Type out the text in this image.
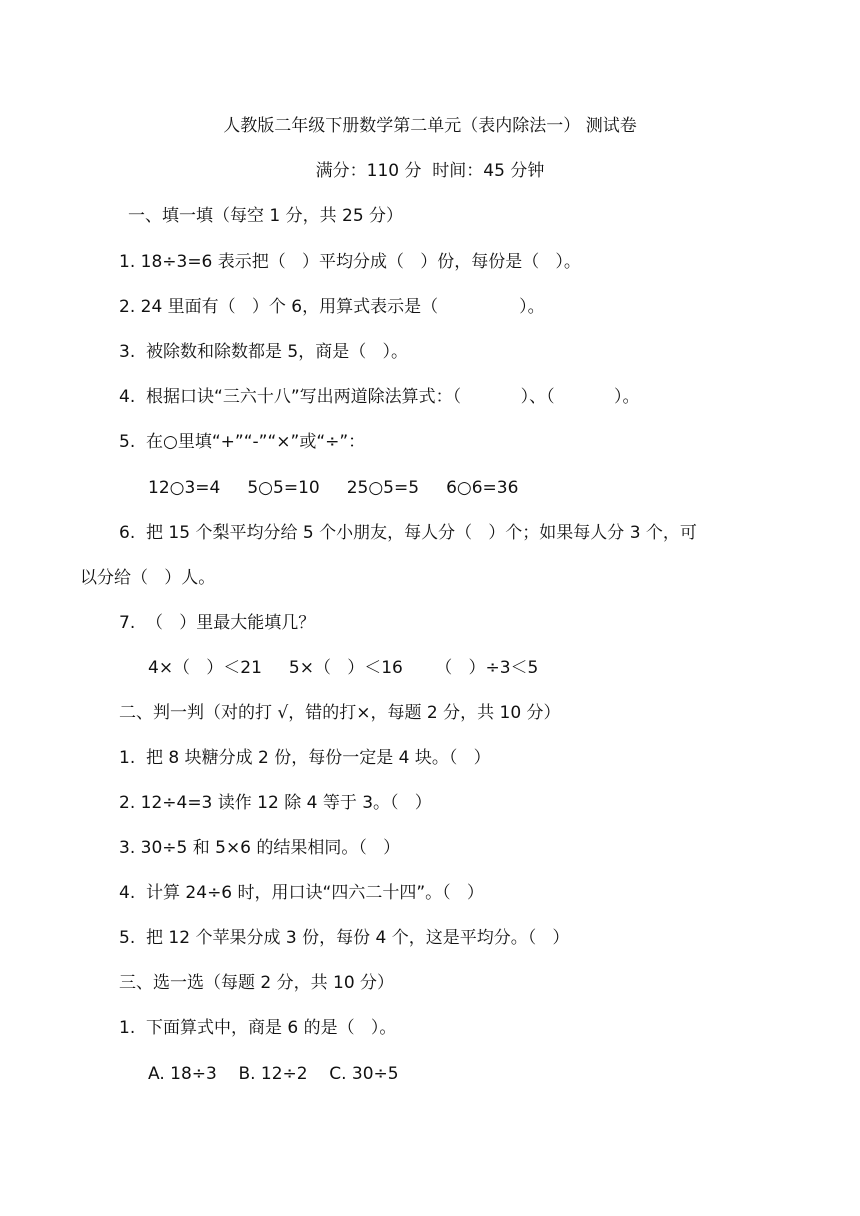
人教版二年级下册数学第二单元（表内除法一） 测试卷
满分：110 分  时间：45 分钟
一、填一填（每空 1 分，共 25 分）
1. 18÷3=6 表示把（   ）平均分成（   ）份，每份是（   ）。
2. 24 里面有（   ）个 6，用算式表示是（               ）。
3.  被除数和除数都是 5，商是（   ）。
4.  根据口诀“三六十八”写出两道除法算式：（           ）、（           ）。
5.  在○里填“+”“-”“×”或“÷”：
12○3=4     5○5=10     25○5=5     6○6=36
6.  把 15 个梨平均分给 5 个小朋友，每人分（   ）个；如果每人分 3 个，可
以分给（   ）人。
7.  （   ）里最大能填几？
4×（   ）＜21     5×（   ）＜16      （   ）÷3＜5
二、判一判（对的打 √，错的打×，每题 2 分，共 10 分）
1.  把 8 块糖分成 2 份，每份一定是 4 块。（   ）
2. 12÷4=3 读作 12 除 4 等于 3。（   ）
3. 30÷5 和 5×6 的结果相同。（   ）
4.  计算 24÷6 时，用口诀“四六二十四”。（   ）
5.  把 12 个苹果分成 3 份，每份 4 个，这是平均分。（   ）
三、选一选（每题 2 分，共 10 分）
1.  下面算式中，商是 6 的是（   ）。
A. 18÷3    B. 12÷2    C. 30÷5
